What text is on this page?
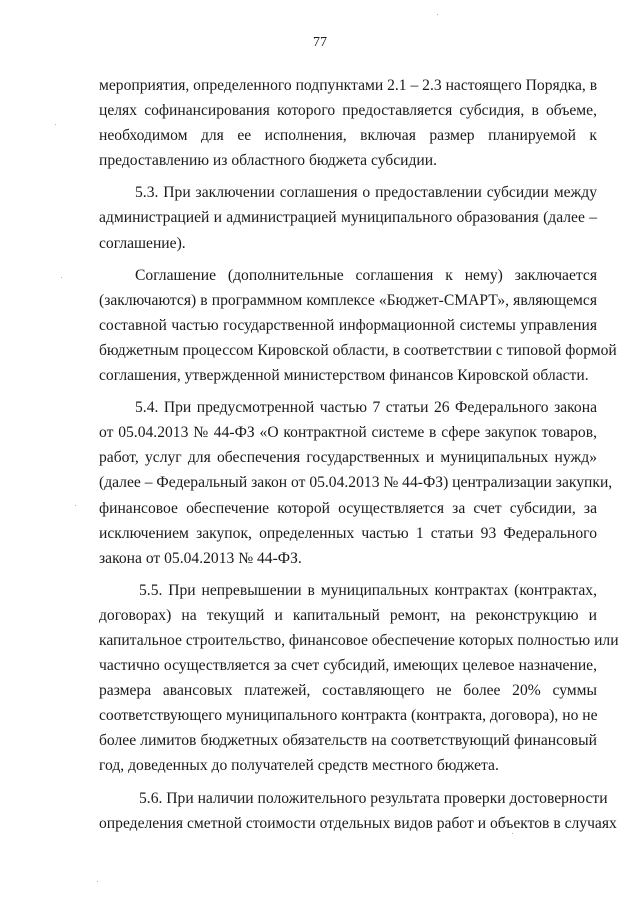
77
мероприятия, определенного подпунктами 2.1 – 2.3 настоящего Порядка, в
целях софинансирования которого предоставляется субсидия, в объеме,
необходимом для ее исполнения, включая размер планируемой к
предоставлению из областного бюджета субсидии.
5.3. При заключении соглашения о предоставлении субсидии между
администрацией и администрацией муниципального образования (далее –
соглашение).
Соглашение (дополнительные соглашения к нему) заключается
(заключаются) в программном комплексе «Бюджет-СМАРТ», являющемся
составной частью государственной информационной системы управления
бюджетным процессом Кировской области, в соответствии с типовой формой
соглашения, утвержденной министерством финансов Кировской области.
5.4. При предусмотренной частью 7 статьи 26 Федерального закона
от 05.04.2013 № 44-ФЗ «О контрактной системе в сфере закупок товаров,
работ, услуг для обеспечения государственных и муниципальных нужд»
(далее – Федеральный закон от 05.04.2013 № 44-ФЗ) централизации закупки,
финансовое обеспечение которой осуществляется за счет субсидии, за
исключением закупок, определенных частью 1 статьи 93 Федерального
закона от 05.04.2013 № 44-ФЗ.
5.5. При непревышении в муниципальных контрактах (контрактах,
договорах) на текущий и капитальный ремонт, на реконструкцию и
капитальное строительство, финансовое обеспечение которых полностью или
частично осуществляется за счет субсидий, имеющих целевое назначение,
размера авансовых платежей, составляющего не более 20% суммы
соответствующего муниципального контракта (контракта, договора), но не
более лимитов бюджетных обязательств на соответствующий финансовый
год, доведенных до получателей средств местного бюджета.
5.6. При наличии положительного результата проверки достоверности
определения сметной стоимости отдельных видов работ и объектов в случаях
